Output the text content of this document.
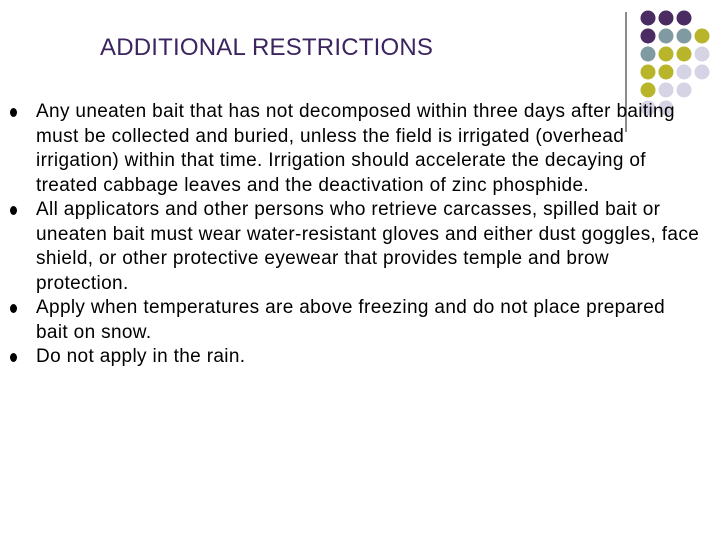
ADDITIONAL RESTRICTIONS
Any uneaten bait that has not decomposed within three days after baiting must be collected and buried, unless the field is irrigated (overhead irrigation) within that time. Irrigation should accelerate the decaying of treated cabbage leaves and the deactivation of zinc phosphide.
All applicators and other persons who retrieve carcasses, spilled bait or uneaten bait must wear water-resistant gloves and either dust goggles, face shield, or other protective eyewear that provides temple and brow protection.
Apply when temperatures are above freezing and do not place prepared bait on snow.
Do not apply in the rain.
